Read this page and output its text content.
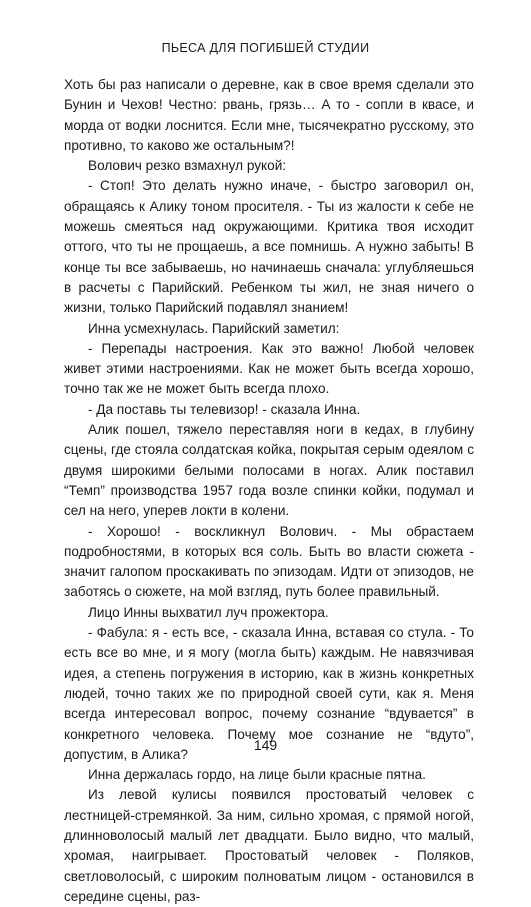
ПЬЕСА ДЛЯ ПОГИБШЕЙ СТУДИИ

Хоть бы раз написали о деревне, как в свое время сделали это Бунин и Чехов! Честно: рвань, грязь… А то - сопли в квасе, и морда от водки лоснится. Если мне, тысячекратно русскому, это противно, то каково же остальным?!

Волович резко взмахнул рукой:

- Стоп! Это делать нужно иначе, - быстро заговорил он, обращаясь к Алику тоном просителя. - Ты из жалости к себе не можешь смеяться над окружающими. Критика твоя исходит оттого, что ты не прощаешь, а все помнишь. А нужно забыть! В конце ты все забываешь, но начинаешь сначала: углубляешься в расчеты с Парийский. Ребенком ты жил, не зная ничего о жизни, только Парийский подавлял знанием!

Инна усмехнулась. Парийский заметил:

- Перепады настроения. Как это важно! Любой человек живет этими настроениями. Как не может быть всегда хорошо, точно так же не может быть всегда плохо.

- Да поставь ты телевизор! - сказала Инна.

Алик пошел, тяжело переставляя ноги в кедах, в глубину сцены, где стояла солдатская койка, покрытая серым одеялом с двумя широкими белыми полосами в ногах. Алик поставил “Темп” производства 1957 года возле спинки койки, подумал и сел на него, уперев локти в колени.

- Хорошо! - воскликнул Волович. - Мы обрастаем подробностями, в которых вся соль. Быть во власти сюжета - значит галопом проскакивать по эпизодам. Идти от эпизодов, не заботясь о сюжете, на мой взгляд, путь более правильный.

Лицо Инны выхватил луч прожектора.

- Фабула: я - есть все, - сказала Инна, вставая со стула. - То есть все во мне, и я могу (могла быть) каждым. Не навязчивая идея, а степень погружения в историю, как в жизнь конкретных людей, точно таких же по природной своей сути, как я. Меня всегда интересовал вопрос, почему сознание “вдувается” в конкретного человека. Почему мое сознание не “вдуто”, допустим, в Алика?

Инна держалась гордо, на лице были красные пятна.

Из левой кулисы появился простоватый человек с лестницей-стремянкой. За ним, сильно хромая, с прямой ногой, длинноволосый малый лет двадцати. Было видно, что малый, хромая, наигрывает. Простоватый человек - Поляков, светловолосый, с широким полноватым лицом - остановился в середине сцены, раз-

149
